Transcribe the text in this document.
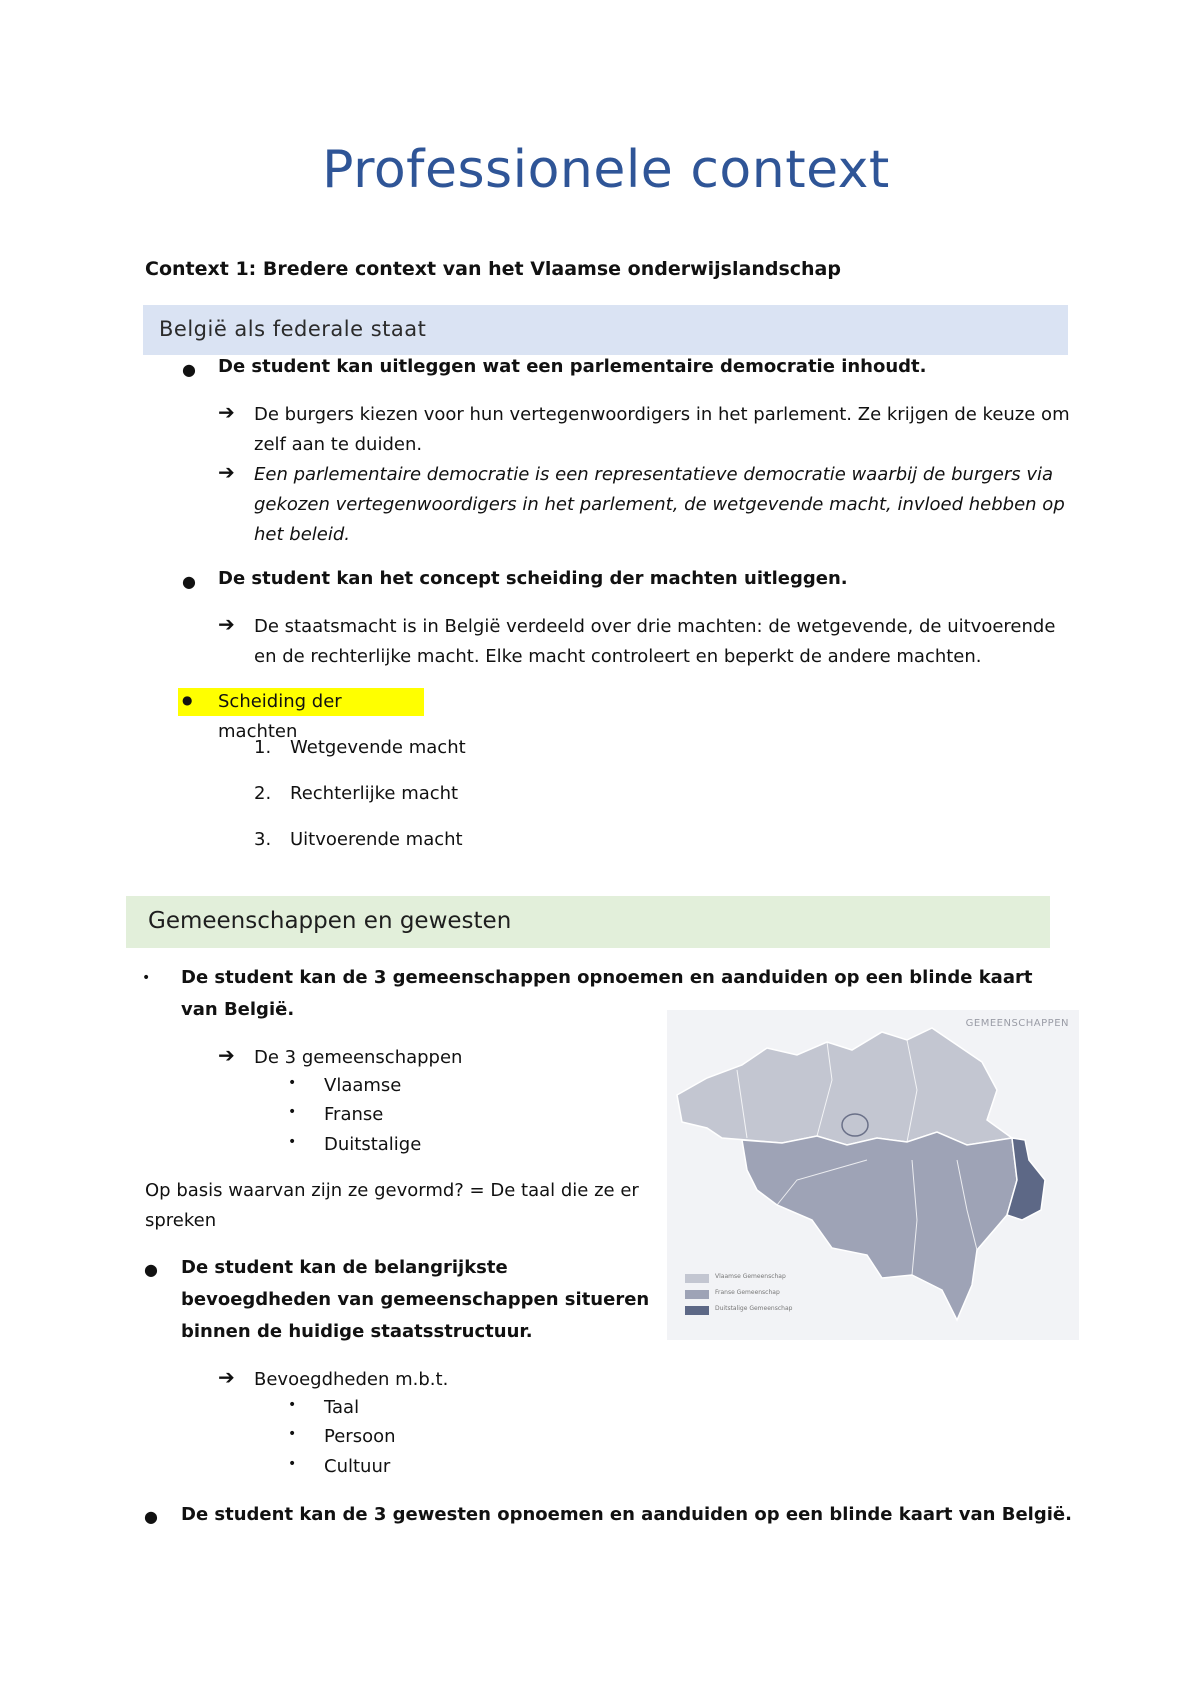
Professionele context
Context 1: Bredere context van het Vlaamse onderwijslandschap
België als federale staat
● De student kan uitleggen wat een parlementaire democratie inhoudt.
➔ De burgers kiezen voor hun vertegenwoordigers in het parlement. Ze krijgen de keuze om
zelf aan te duiden.
➔ Een parlementaire democratie is een representatieve democratie waarbij de burgers via
gekozen vertegenwoordigers in het parlement, de wetgevende macht, invloed hebben op
het beleid.
● De student kan het concept scheiding der machten uitleggen.
➔ De staatsmacht is in België verdeeld over drie machten: de wetgevende, de uitvoerende
en de rechterlijke macht. Elke macht controleert en beperkt de andere machten.
● Scheiding der machten
1. Wetgevende macht
2. Rechterlijke macht
3. Uitvoerende macht
Gemeenschappen en gewesten
• De student kan de 3 gemeenschappen opnoemen en aanduiden op een blinde kaart
van België.
➔ De 3 gemeenschappen
• Vlaamse
• Franse
• Duitstalige
Op basis waarvan zijn ze gevormd? = De taal die ze er
spreken
● De student kan de belangrijkste
bevoegdheden van gemeenschappen situeren
binnen de huidige staatsstructuur.
➔ Bevoegdheden m.b.t.
• Taal
• Persoon
• Cultuur
● De student kan de 3 gewesten opnoemen en aanduiden op een blinde kaart van België.
GEMEENSCHAPPEN
Vlaamse Gemeenschap
Franse Gemeenschap
Duitstalige Gemeenschap
